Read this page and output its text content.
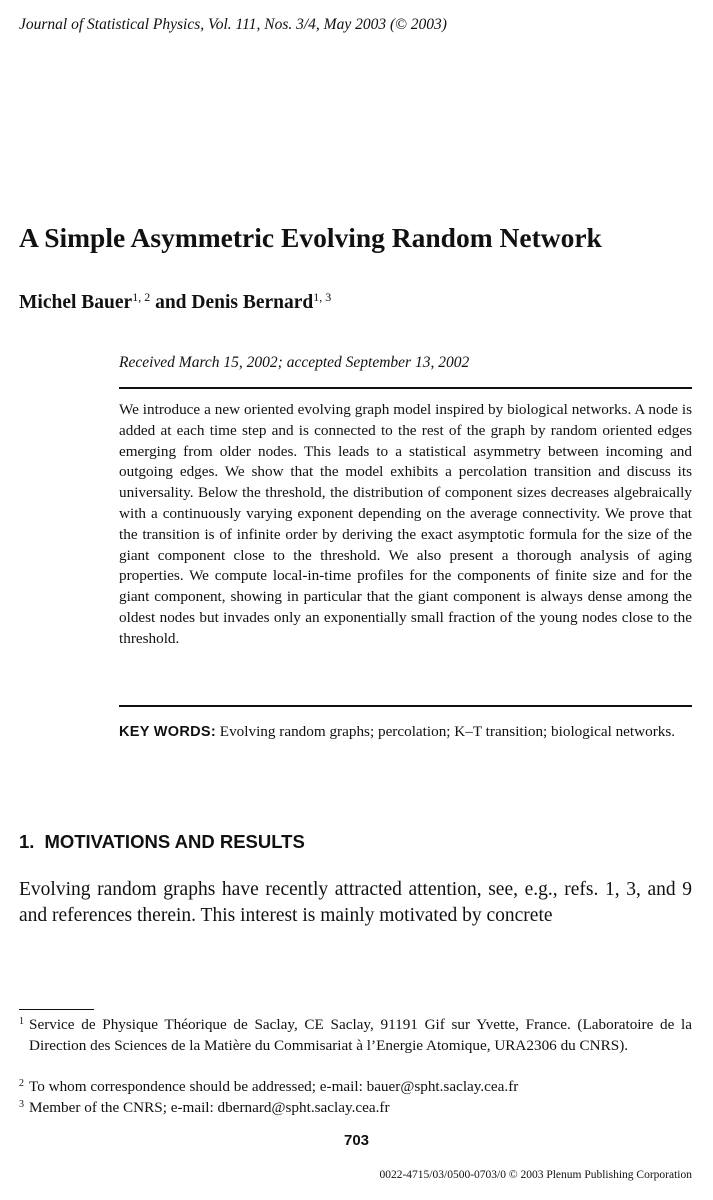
Journal of Statistical Physics, Vol. 111, Nos. 3/4, May 2003 (© 2003)
A Simple Asymmetric Evolving Random Network
Michel Bauer$^{1, 2}$ and Denis Bernard$^{1, 3}$
Received March 15, 2002; accepted September 13, 2002
We introduce a new oriented evolving graph model inspired by biological networks. A node is added at each time step and is connected to the rest of the graph by random oriented edges emerging from older nodes. This leads to a statistical asymmetry between incoming and outgoing edges. We show that the model exhibits a percolation transition and discuss its universality. Below the threshold, the distribution of component sizes decreases algebraically with a continuously varying exponent depending on the average connectivity. We prove that the transition is of infinite order by deriving the exact asymptotic formula for the size of the giant component close to the threshold. We also present a thorough analysis of aging properties. We compute local-in-time profiles for the components of finite size and for the giant component, showing in particular that the giant component is always dense among the oldest nodes but invades only an exponentially small fraction of the young nodes close to the threshold.
KEY WORDS: Evolving random graphs; percolation; K–T transition; biological networks.
1. MOTIVATIONS AND RESULTS
Evolving random graphs have recently attracted attention, see, e.g., refs. 1, 3, and 9 and references therein. This interest is mainly motivated by concrete
1 Service de Physique Théorique de Saclay, CE Saclay, 91191 Gif sur Yvette, France. (Laboratoire de la Direction des Sciences de la Matière du Commisariat à l’Energie Atomique, URA2306 du CNRS).
2 To whom correspondence should be addressed; e-mail: bauer@spht.saclay.cea.fr
3 Member of the CNRS; e-mail: dbernard@spht.saclay.cea.fr
703
0022-4715/03/0500-0703/0 © 2003 Plenum Publishing Corporation
